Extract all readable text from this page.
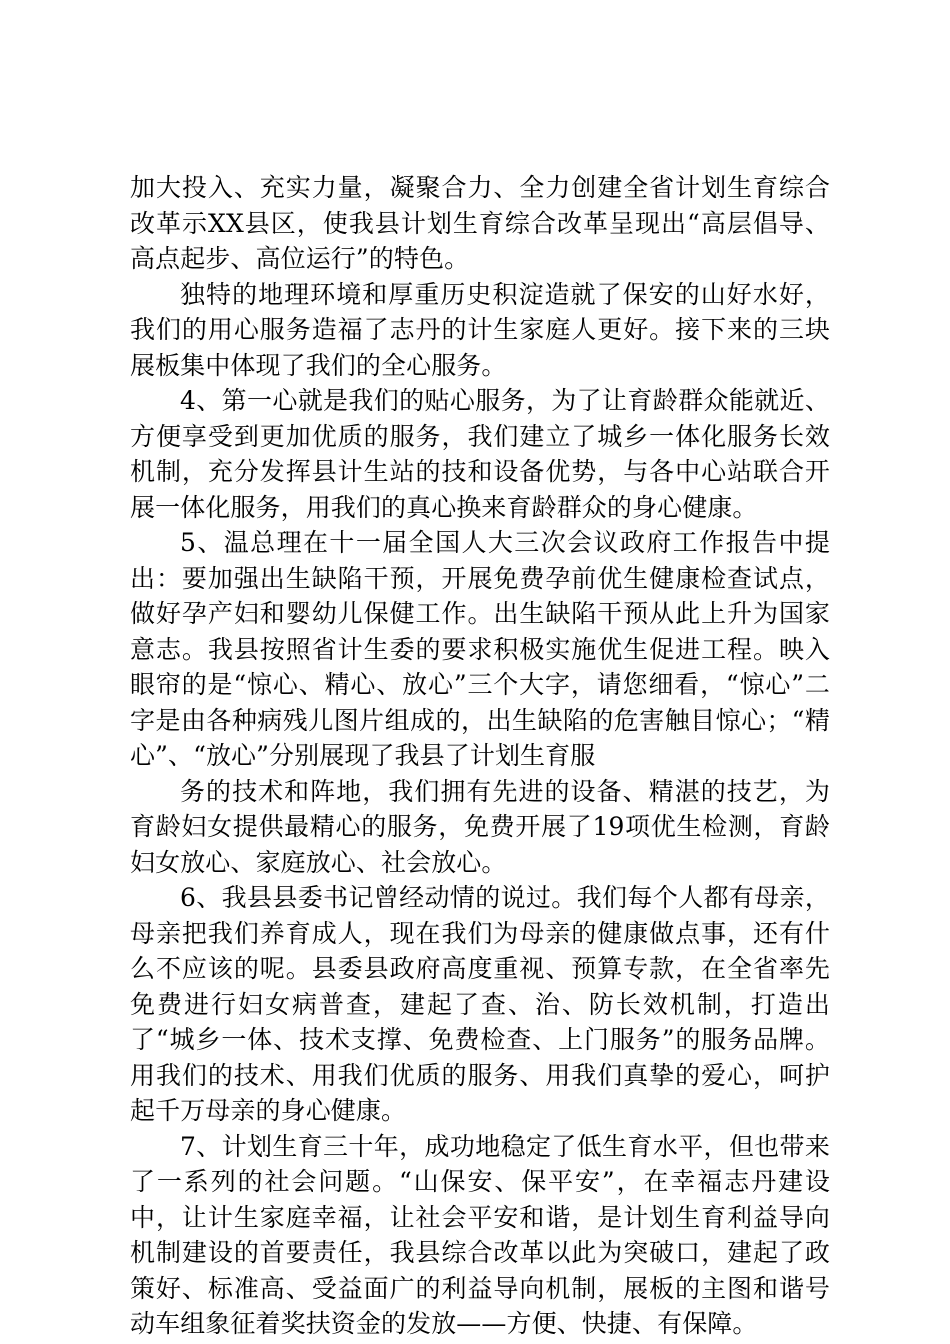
加大投入、充实力量，凝聚合力、全力创建全省计划生育综合改革示XX县区，使我县计划生育综合改革呈现出“高层倡导、高点起步、高位运行”的特色。

独特的地理环境和厚重历史积淀造就了保安的山好水好，我们的用心服务造福了志丹的计生家庭人更好。接下来的三块展板集中体现了我们的全心服务。

4、第一心就是我们的贴心服务，为了让育龄群众能就近、方便享受到更加优质的服务，我们建立了城乡一体化服务长效机制，充分发挥县计生站的技和设备优势，与各中心站联合开展一体化服务，用我们的真心换来育龄群众的身心健康。

5、温总理在十一届全国人大三次会议政府工作报告中提出：要加强出生缺陷干预，开展免费孕前优生健康检查试点，做好孕产妇和婴幼儿保健工作。出生缺陷干预从此上升为国家意志。我县按照省计生委的要求积极实施优生促进工程。映入眼帘的是“惊心、精心、放心”三个大字，请您细看，“惊心”二字是由各种病残儿图片组成的，出生缺陷的危害触目惊心；“精心”、“放心”分别展现了我县了计划生育服

务的技术和阵地，我们拥有先进的设备、精湛的技艺，为育龄妇女提供最精心的服务，免费开展了19项优生检测，育龄妇女放心、家庭放心、社会放心。

6、我县县委书记曾经动情的说过。我们每个人都有母亲，母亲把我们养育成人，现在我们为母亲的健康做点事，还有什么不应该的呢。县委县政府高度重视、预算专款，在全省率先免费进行妇女病普查，建起了查、治、防长效机制，打造出了“城乡一体、技术支撑、免费检查、上门服务”的服务品牌。用我们的技术、用我们优质的服务、用我们真挚的爱心，呵护起千万母亲的身心健康。

7、计划生育三十年，成功地稳定了低生育水平，但也带来了一系列的社会问题。“山保安、保平安”，在幸福志丹建设中，让计生家庭幸福，让社会平安和谐，是计划生育利益导向机制建设的首要责任，我县综合改革以此为突破口，建起了政策好、标准高、受益面广的利益导向机制，展板的主图和谐号动车组象征着奖扶资金的发放——方便、快捷、有保障。
